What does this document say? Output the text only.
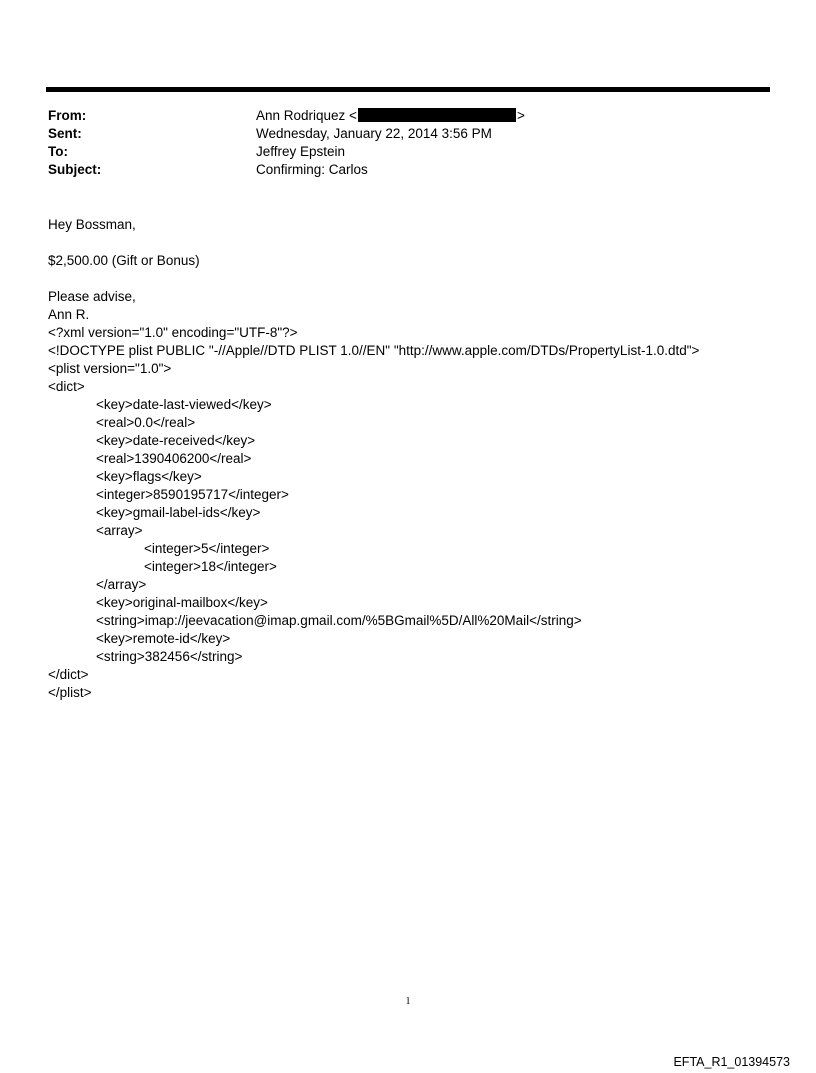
From:	Ann Rodriquez <	>
Sent:	Wednesday, January 22, 2014 3:56 PM
To:	Jeffrey Epstein
Subject:	Confirming: Carlos

Hey Bossman,

$2,500.00 (Gift or Bonus)

Please advise,

Ann R.

<?xml version="1.0" encoding="UTF-8"?>
<!DOCTYPE plist PUBLIC "-//Apple//DTD PLIST 1.0//EN" "http://www.apple.com/DTDs/PropertyList-1.0.dtd">
<plist version="1.0">
<dict>
<key>date-last-viewed</key>
<real>0.0</real>
<key>date-received</key>
<real>1390406200</real>
<key>flags</key>
<integer>8590195717</integer>
<key>gmail-label-ids</key>
<array>
<integer>5</integer>
<integer>18</integer>
</array>
<key>original-mailbox</key>
<string>imap://jeevacation@imap.gmail.com/%5BGmail%5D/All%20Mail</string>
<key>remote-id</key>
<string>382456</string>
</dict>
</plist>
1
EFTA_R1_01394573
